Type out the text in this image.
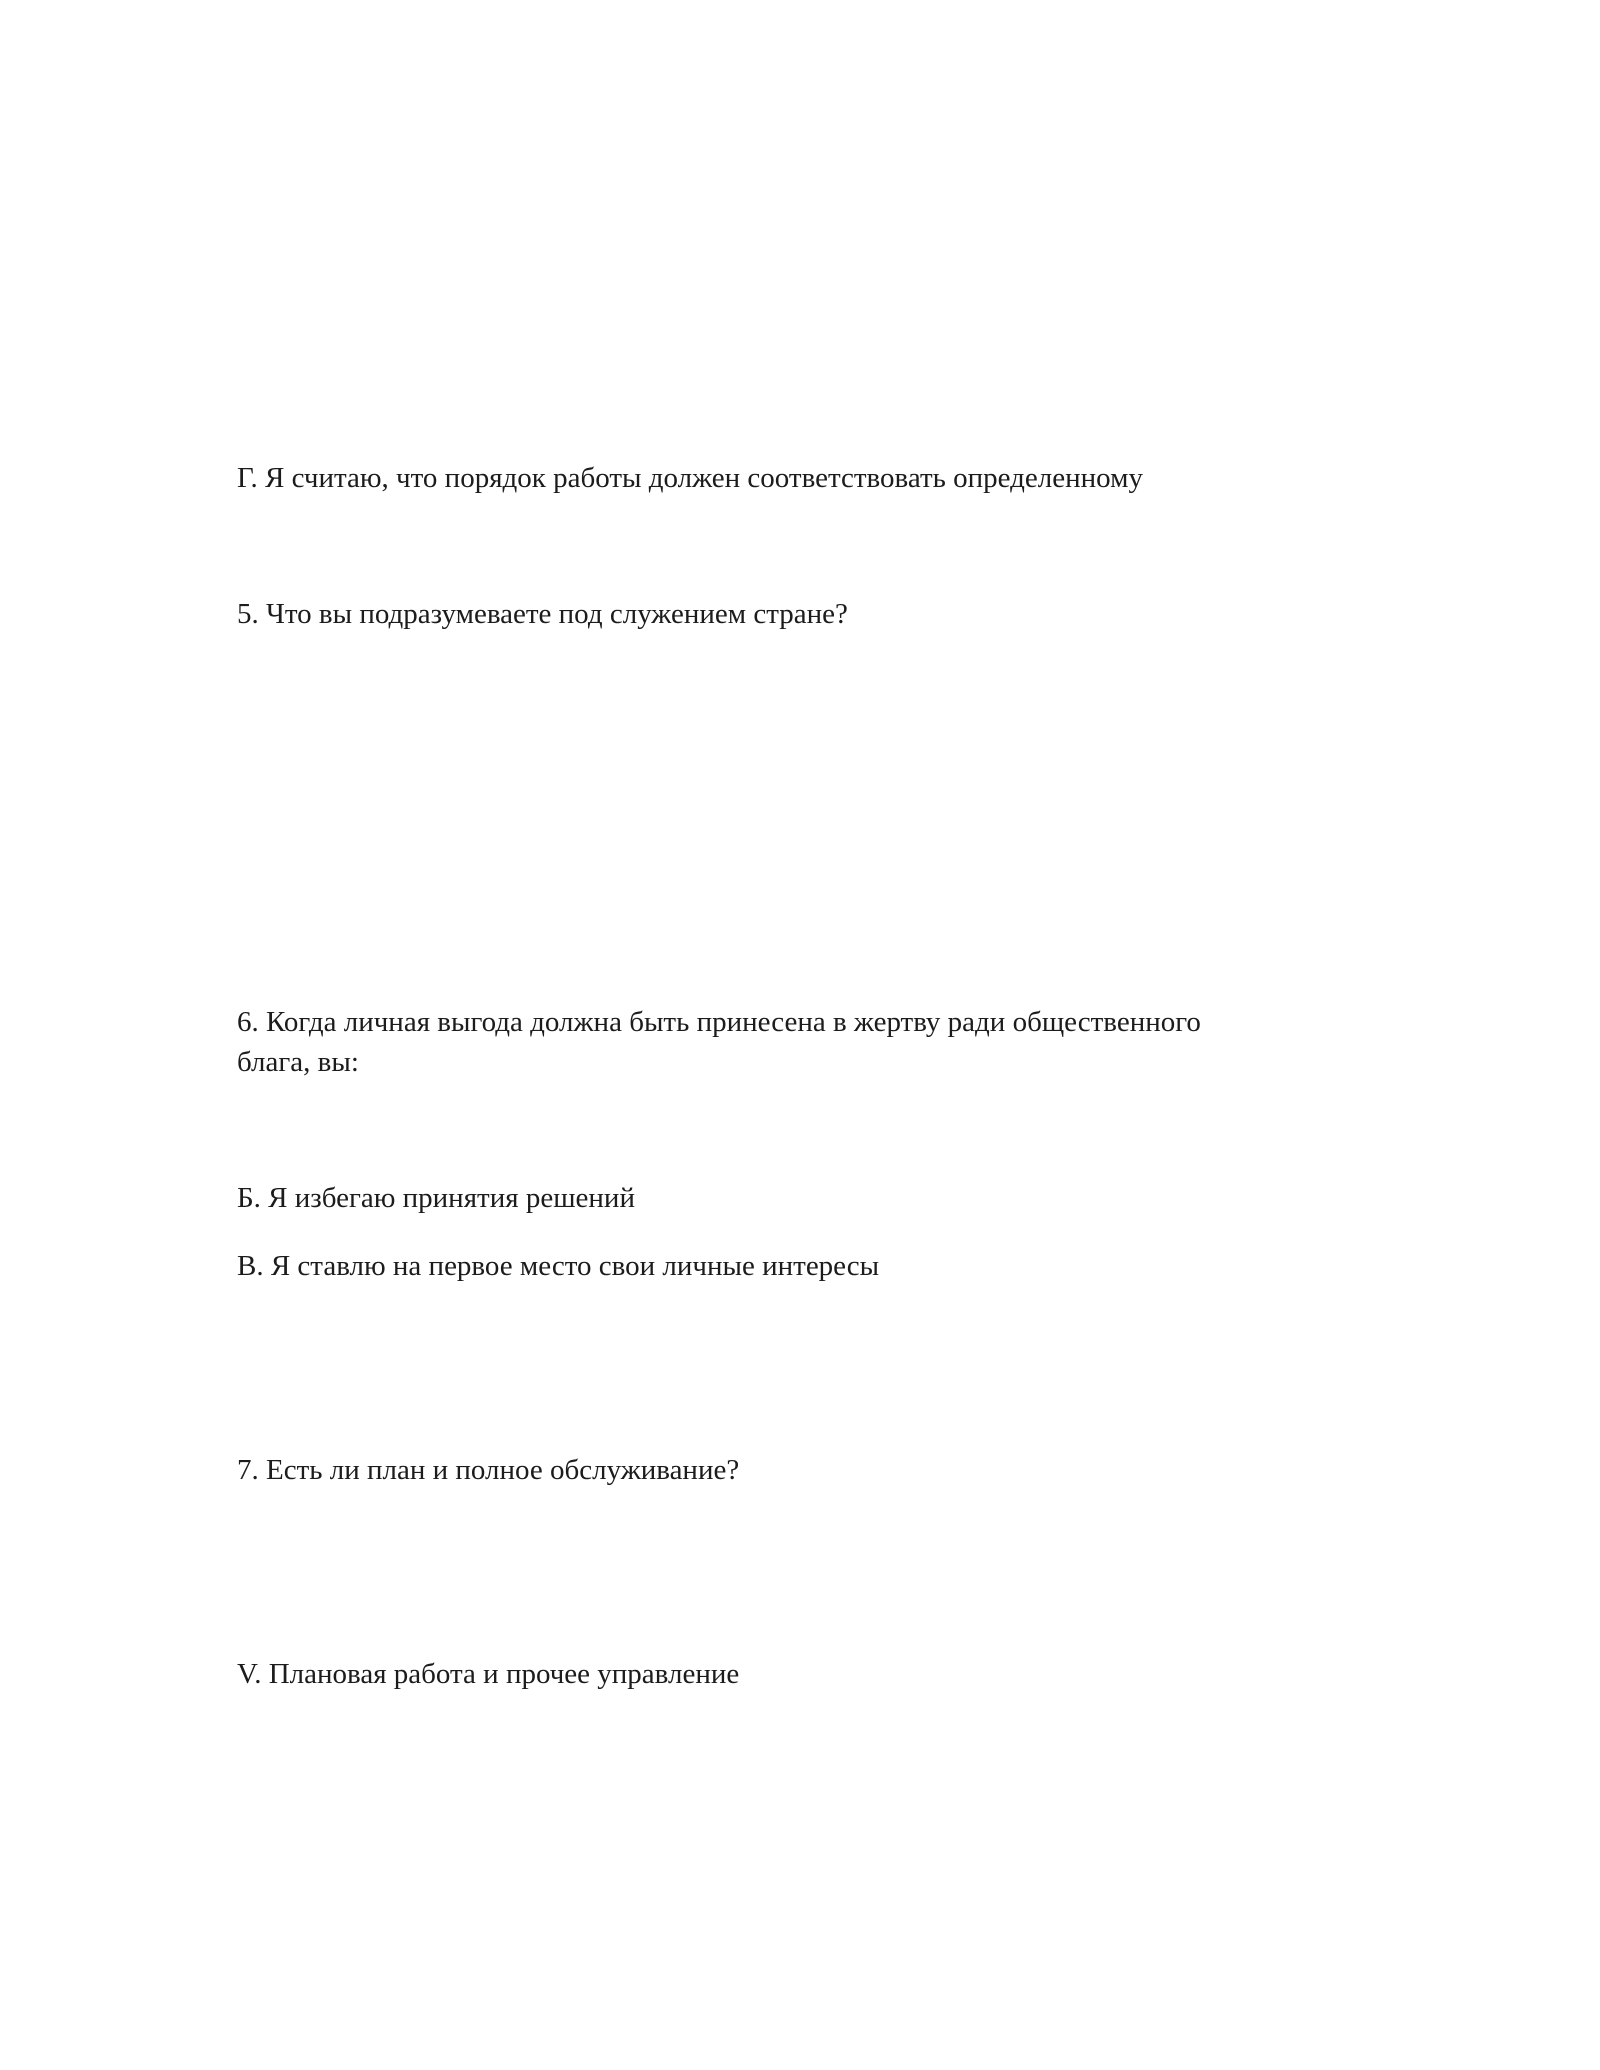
Г. Я считаю, что порядок работы должен соответствовать определенному

5. Что вы подразумеваете под служением стране?

6. Когда личная выгода должна быть принесена в жертву ради общественного

блага, вы:

Б. Я избегаю принятия решений

В. Я ставлю на первое место свои личные интересы

7. Есть ли план и полное обслуживание?

V. Плановая работа и прочее управление
